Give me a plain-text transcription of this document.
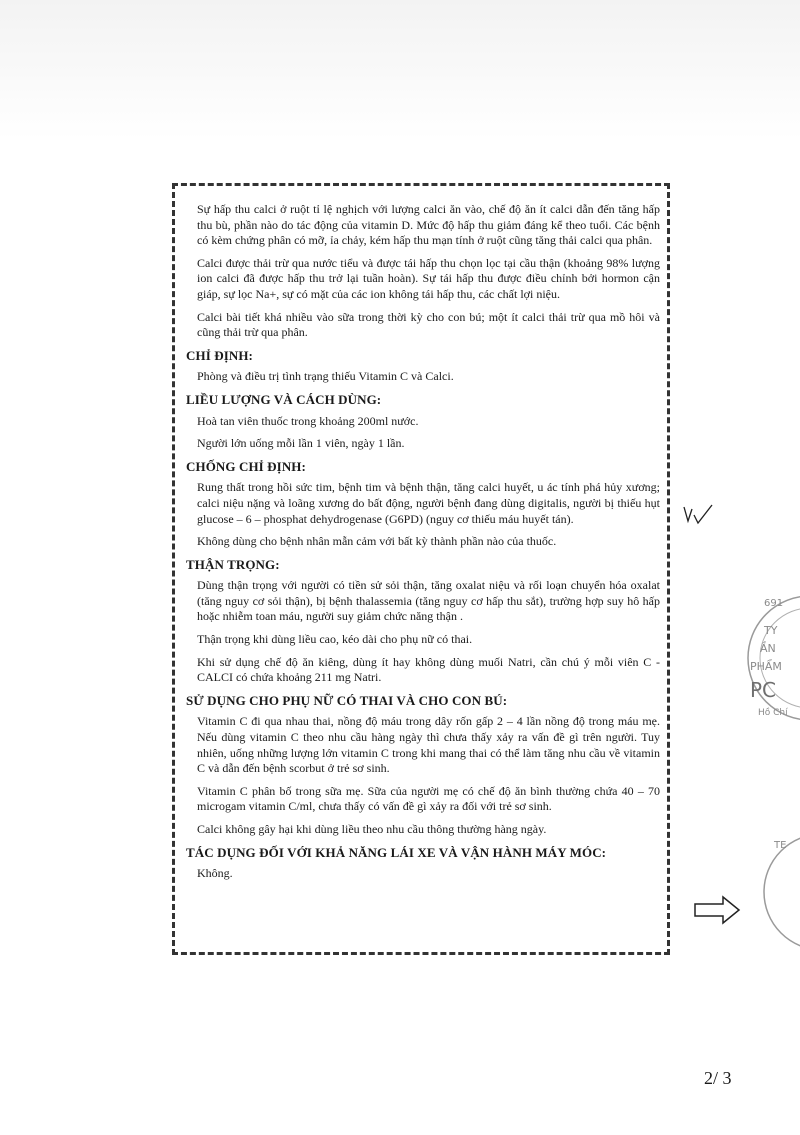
Sự hấp thu calci ở ruột tỉ lệ nghịch với lượng calci ăn vào, chế độ ăn ít calci dẫn đến tăng hấp thu bù, phần nào do tác động của vitamin D. Mức độ hấp thu giảm đáng kể theo tuổi. Các bệnh có kèm chứng phân có mỡ, ỉa chảy, kém hấp thu mạn tính ở ruột cũng tăng thải calci qua phân.

Calci được thải trừ qua nước tiểu và được tái hấp thu chọn lọc tại cầu thận (khoảng 98% lượng ion calci đã được hấp thu trở lại tuần hoàn). Sự tái hấp thu được điều chỉnh bởi hormon cận giáp, sự lọc Na+, sự có mặt của các ion không tái hấp thu, các chất lợi niệu.

Calci bài tiết khá nhiều vào sữa trong thời kỳ cho con bú; một ít calci thải trừ qua mồ hôi và cũng thải trừ qua phân.

CHỈ ĐỊNH:

Phòng và điều trị tình trạng thiếu Vitamin C và Calci.

LIỀU LƯỢNG VÀ CÁCH DÙNG:

Hoà tan viên thuốc trong khoảng 200ml nước.

Người lớn uống mỗi lần 1 viên, ngày 1 lần.

CHỐNG CHỈ ĐỊNH:

Rung thất trong hồi sức tim, bệnh tim và bệnh thận, tăng calci huyết, u ác tính phá hủy xương; calci niệu nặng và loãng xương do bất động, người bệnh đang dùng digitalis, người bị thiếu hụt glucose – 6 – phosphat dehydrogenase (G6PD) (nguy cơ thiếu máu huyết tán).

Không dùng cho bệnh nhân mẫn cảm với bất kỳ thành phần nào của thuốc.

THẬN TRỌNG:

Dùng thận trọng với người có tiền sử sỏi thận, tăng oxalat niệu và rối loạn chuyển hóa oxalat (tăng nguy cơ sỏi thận), bị bệnh thalassemia (tăng nguy cơ hấp thu sắt), trường hợp suy hô hấp hoặc nhiễm toan máu, người suy giảm chức năng thận .

Thận trọng khi dùng liều cao, kéo dài cho phụ nữ có thai.

Khi sử dụng chế độ ăn kiêng, dùng ít hay không dùng muối Natri, cần chú ý mỗi viên C - CALCI có chứa khoảng 211 mg Natri.

SỬ DỤNG CHO PHỤ NỮ CÓ THAI VÀ CHO CON BÚ:

Vitamin C đi qua nhau thai, nồng độ máu trong dây rốn gấp 2 – 4 lần nồng độ trong máu mẹ. Nếu dùng vitamin C theo nhu cầu hàng ngày thì chưa thấy xảy ra vấn đề gì trên người. Tuy nhiên, uống những lượng lớn vitamin C trong khi mang thai có thể làm tăng nhu cầu về vitamin C và dẫn đến bệnh scorbut ở trẻ sơ sinh.

Vitamin C phân bố trong sữa mẹ. Sữa của người mẹ có chế độ ăn bình thường chứa 40 – 70 microgam vitamin C/ml, chưa thấy có vấn đề gì xảy ra đối với trẻ sơ sinh.

Calci không gây hại khi dùng liều theo nhu cầu thông thường hàng ngày.

TÁC DỤNG ĐỐI VỚI KHẢ NĂNG LÁI XE VÀ VẬN HÀNH MÁY MÓC:

Không.

691
TY
ẦN
PHẨM
PC
Hồ Chí
TE
2/ 3
